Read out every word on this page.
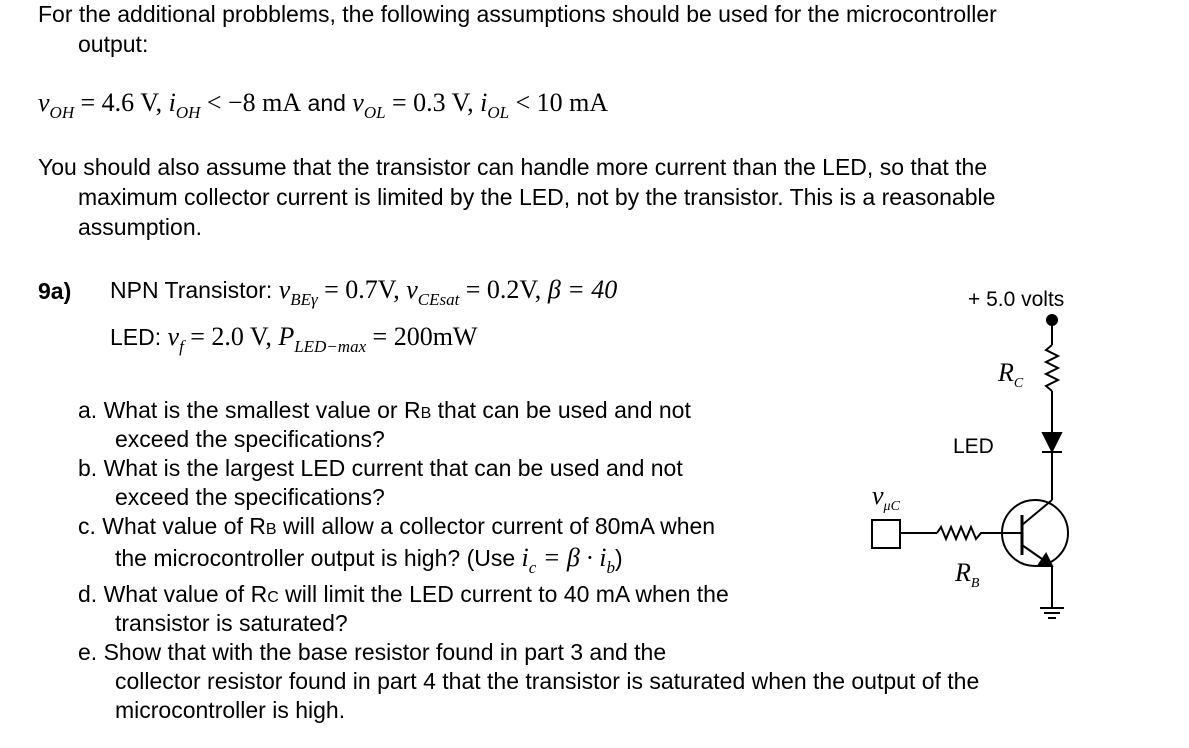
For the additional probblems, the following assumptions should be used for the microcontroller
output:
$v_{OH} = 4.6$ V, $i_{OH} < -8$ mA and $v_{OL} = 0.3$ V, $i_{OL} < 10$ mA
You should also assume that the transistor can handle more current than the LED, so that the
maximum collector current is limited by the LED, not by the transistor. This is a reasonable
assumption.
9a) NPN Transistor: $v_{BE\gamma} = 0.7V$, $v_{CEsat} = 0.2V$, β = 40
LED: $v_f = 2.0$ V, $P_{LED-max} = 200mW$
a. What is the smallest value or RB that can be used and not
exceed the specifications?
b. What is the largest LED current that can be used and not
exceed the specifications?
c. What value of RB will allow a collector current of 80mA when
the microcontroller output is high? (Use $i_c = \beta \cdot i_b$)
d. What value of RC will limit the LED current to 40 mA when the
transistor is saturated?
e. Show that with the base resistor found in part 3 and the
collector resistor found in part 4 that the transistor is saturated when the output of the
microcontroller is high.
+ 5.0 volts
$R_C$
LED
$v_{\mu C}$
$R_B$
